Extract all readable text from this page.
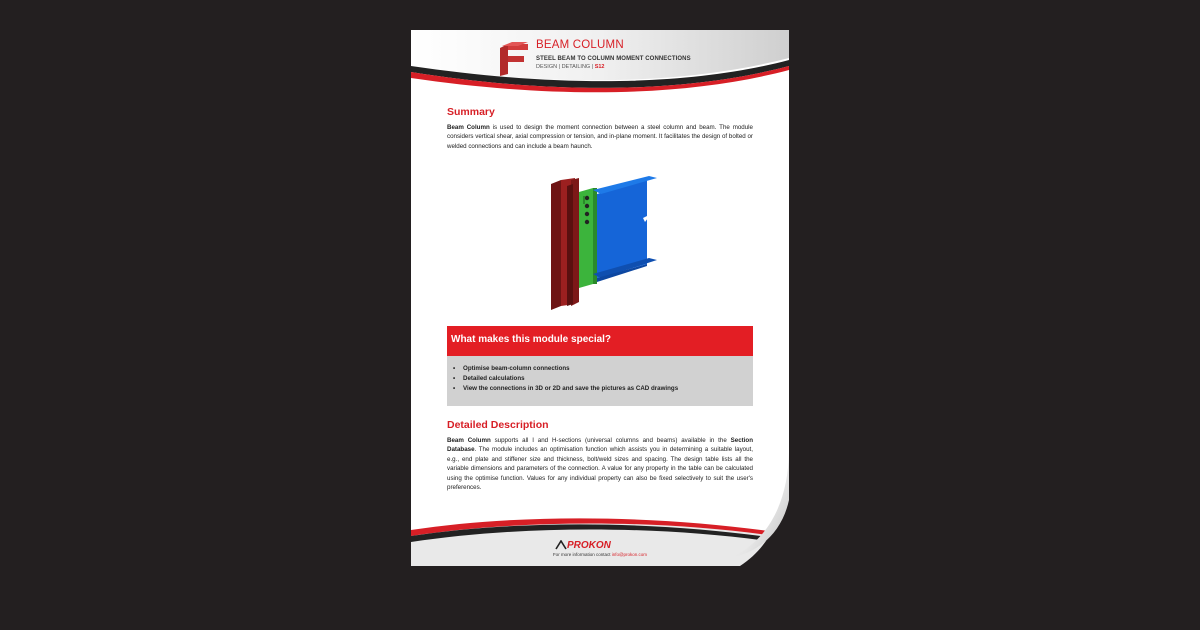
BEAM COLUMN
STEEL BEAM TO COLUMN MOMENT CONNECTIONS
DESIGN | DETAILING | S12
Summary
Beam Column is used to design the moment connection between a steel column and beam. The module considers vertical shear, axial compression or tension, and in-plane moment. It facilitates the design of bolted or welded connections and can include a beam haunch.
What makes this module special?
• Optimise beam-column connections
• Detailed calculations
• View the connections in 3D or 2D and save the pictures as CAD drawings
Detailed Description
Beam Column supports all I and H-sections (universal columns and beams) available in the Section Database. The module includes an optimisation function which assists you in determining a suitable layout, e.g., end plate and stiffener size and thickness, bolt/weld sizes and spacing. The design table lists all the variable dimensions and parameters of the connection. A value for any property in the table can be calculated using the optimise function. Values for any individual property can also be fixed selectively to suit the user's preferences.
PROKON
For more information contact info@prokon.com
